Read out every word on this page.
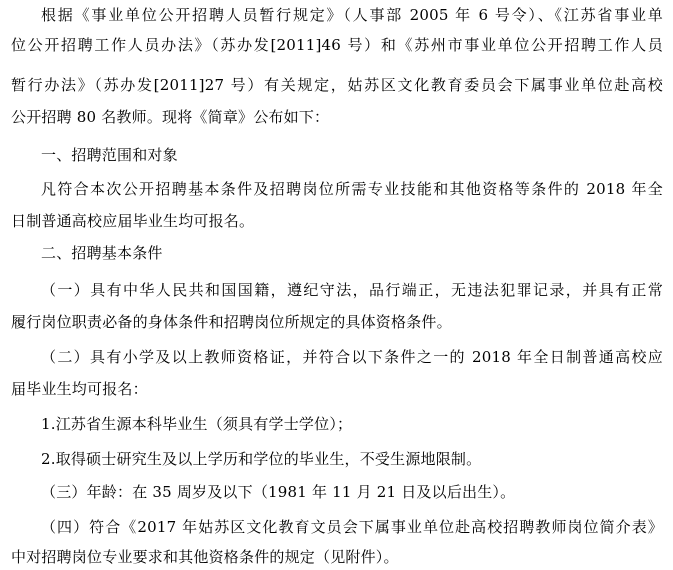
根据《事业单位公开招聘人员暂行规定》（人事部 2005 年 6 号令）、《江苏省事业单
位公开招聘工作人员办法》（苏办发[2011]46 号）和《苏州市事业单位公开招聘工作人员
暂行办法》（苏办发[2011]27 号）有关规定，姑苏区文化教育委员会下属事业单位赴高校
公开招聘 80 名教师。现将《简章》公布如下：
一、招聘范围和对象
凡符合本次公开招聘基本条件及招聘岗位所需专业技能和其他资格等条件的 2018 年全
日制普通高校应届毕业生均可报名。
二、招聘基本条件
（一）具有中华人民共和国国籍，遵纪守法，品行端正，无违法犯罪记录，并具有正常
履行岗位职责必备的身体条件和招聘岗位所规定的具体资格条件。
（二）具有小学及以上教师资格证，并符合以下条件之一的 2018 年全日制普通高校应
届毕业生均可报名：
1.江苏省生源本科毕业生（须具有学士学位）；
2.取得硕士研究生及以上学历和学位的毕业生，不受生源地限制。
（三）年龄：在 35 周岁及以下（1981 年 11 月 21 日及以后出生）。
（四）符合《2017 年姑苏区文化教育文员会下属事业单位赴高校招聘教师岗位简介表》
中对招聘岗位专业要求和其他资格条件的规定（见附件）。
